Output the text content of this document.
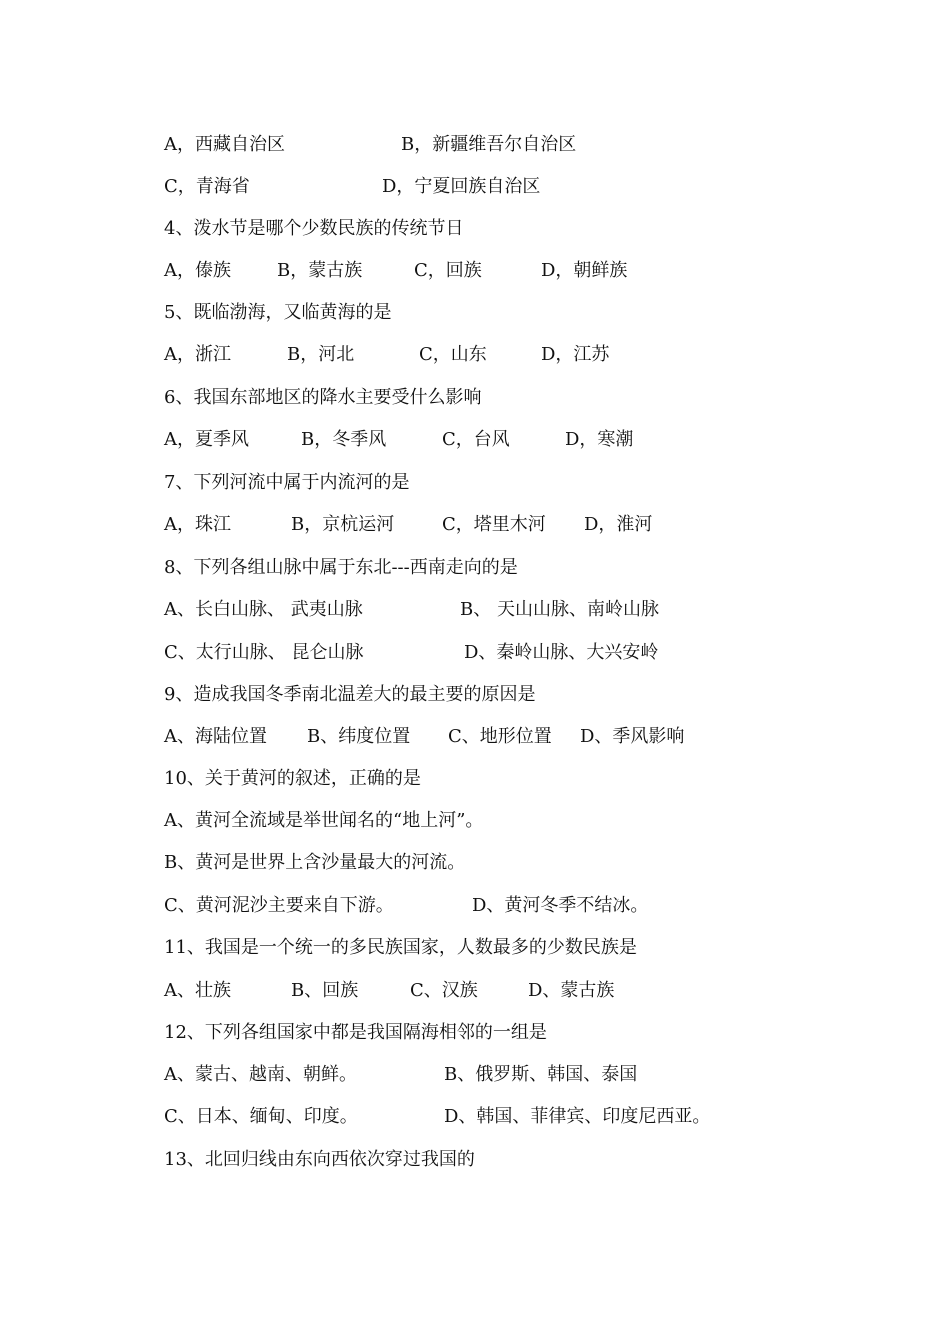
A，西藏自治区	B，新疆维吾尔自治区
C，青海省	D，宁夏回族自治区
4、泼水节是哪个少数民族的传统节日
A，傣族	B，蒙古族	C，回族	D，朝鲜族
5、既临渤海，又临黄海的是
A，浙江	B，河北	C，山东	D，江苏
6、我国东部地区的降水主要受什么影响
A，夏季风	B，冬季风	C，台风	D，寒潮
7、下列河流中属于内流河的是
A，珠江	B，京杭运河	C，塔里木河 D，淮河
8、下列各组山脉中属于东北---西南走向的是
A、长白山脉、 武夷山脉	B、 天山山脉、南岭山脉
C、太行山脉、 昆仑山脉	D、秦岭山脉、大兴安岭
9、造成我国冬季南北温差大的最主要的原因是
A、海陆位置 B、纬度位置 C、地形位置 D、季风影响
10、关于黄河的叙述，正确的是
A、黄河全流域是举世闻名的“地上河”。
B、黄河是世界上含沙量最大的河流。
C、黄河泥沙主要来自下游。	D、黄河冬季不结冰。
11、我国是一个统一的多民族国家，人数最多的少数民族是
A、壮族	B、回族	C、汉族	D、蒙古族
12、下列各组国家中都是我国隔海相邻的一组是
A、蒙古、越南、朝鲜。	B、俄罗斯、韩国、泰国
C、日本、缅甸、印度。	D、韩国、菲律宾、印度尼西亚。
13、北回归线由东向西依次穿过我国的
